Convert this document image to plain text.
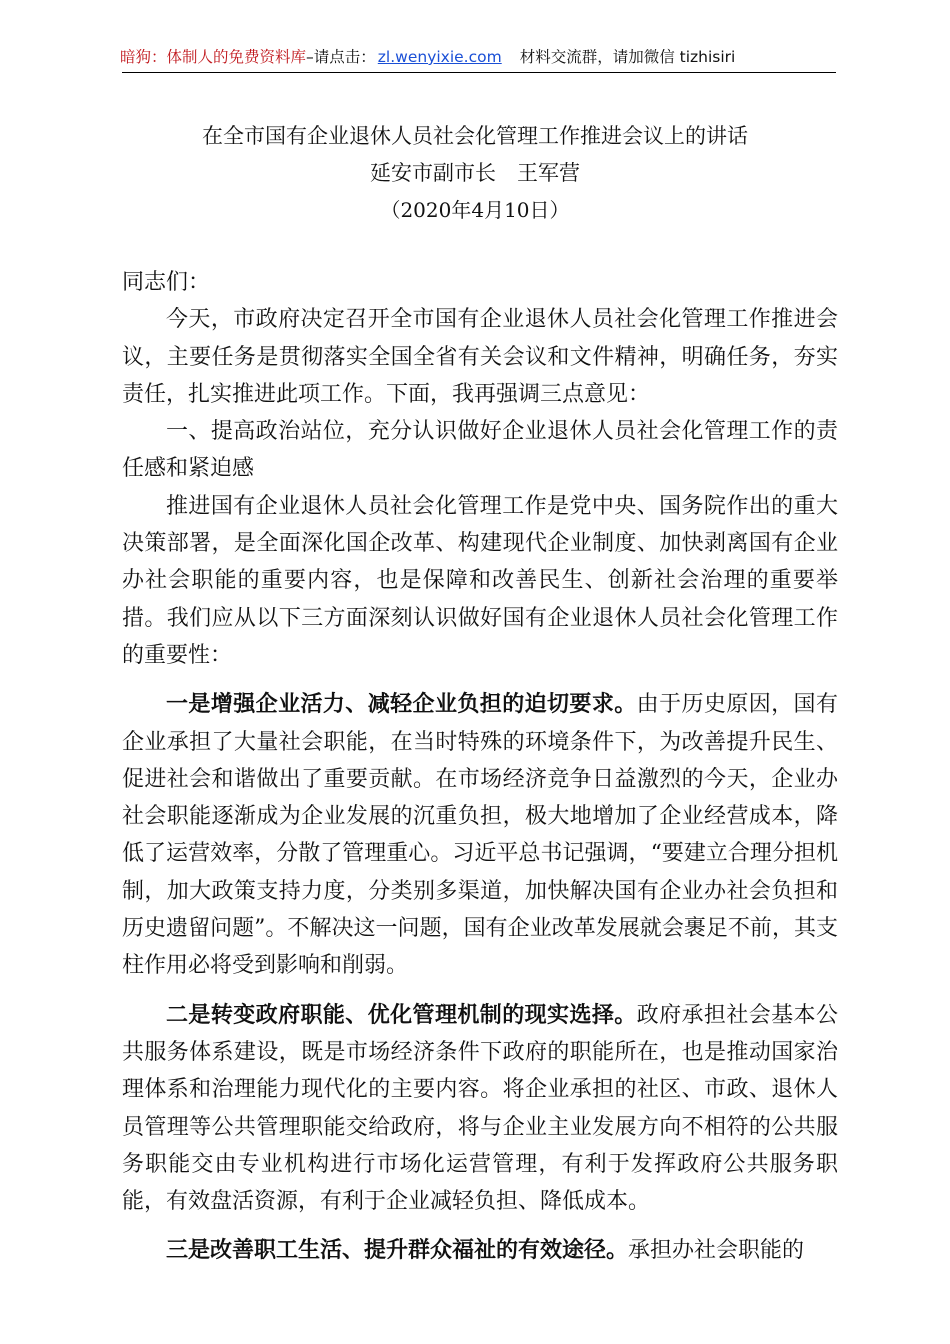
暗狗：体制人的免费资料库–请点击： zl.wenyixie.com 材料交流群，请加微信 tizhisiri
在全市国有企业退休人员社会化管理工作推进会议上的讲话
延安市副市长　王军营
（2020年4月10日）

同志们：

今天，市政府决定召开全市国有企业退休人员社会化管理工作推进会议，主要任务是贯彻落实全国全省有关会议和文件精神，明确任务，夯实责任，扎实推进此项工作。下面，我再强调三点意见：

一、提高政治站位，充分认识做好企业退休人员社会化管理工作的责任感和紧迫感

推进国有企业退休人员社会化管理工作是党中央、国务院作出的重大决策部署，是全面深化国企改革、构建现代企业制度、加快剥离国有企业办社会职能的重要内容，也是保障和改善民生、创新社会治理的重要举措。我们应从以下三方面深刻认识做好国有企业退休人员社会化管理工作的重要性：

一是增强企业活力、减轻企业负担的迫切要求。由于历史原因，国有企业承担了大量社会职能，在当时特殊的环境条件下，为改善提升民生、促进社会和谐做出了重要贡献。在市场经济竞争日益激烈的今天，企业办社会职能逐渐成为企业发展的沉重负担，极大地增加了企业经营成本，降低了运营效率，分散了管理重心。习近平总书记强调，“要建立合理分担机制，加大政策支持力度，分类别多渠道，加快解决国有企业办社会负担和历史遗留问题”。不解决这一问题，国有企业改革发展就会裹足不前，其支柱作用必将受到影响和削弱。

二是转变政府职能、优化管理机制的现实选择。政府承担社会基本公共服务体系建设，既是市场经济条件下政府的职能所在，也是推动国家治理体系和治理能力现代化的主要内容。将企业承担的社区、市政、退休人员管理等公共管理职能交给政府，将与企业主业发展方向不相符的公共服务职能交由专业机构进行市场化运营管理，有利于发挥政府公共服务职能，有效盘活资源，有利于企业减轻负担、降低成本。

三是改善职工生活、提升群众福祉的有效途径。承担办社会职能的
